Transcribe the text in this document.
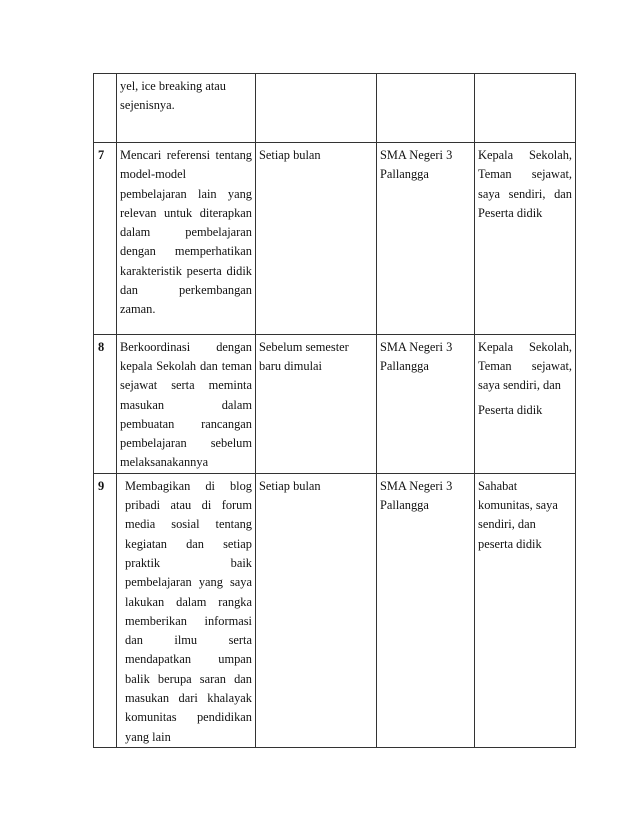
	yel, ice breaking atau sejenisnya.			
7	Mencari referensi tentang model-model pembelajaran lain yang relevan untuk diterapkan dalam pembelajaran dengan memperhatikan karakteristik peserta didik dan perkembangan zaman.	Setiap bulan	SMA Negeri 3 Pallangga	Kepala Sekolah, Teman sejawat, saya sendiri, dan Peserta didik
8	Berkoordinasi dengan kepala Sekolah dan teman sejawat serta meminta masukan dalam pembuatan rancangan pembelajaran sebelum melaksanakannya	Sebelum semester baru dimulai	SMA Negeri 3 Pallangga	Kepala Sekolah, Teman sejawat, saya sendiri, dan
Peserta didik

9	Membagikan di blog pribadi atau di forum media sosial tentang kegiatan dan setiap praktik baik pembelajaran yang saya lakukan dalam rangka memberikan informasi dan ilmu serta mendapatkan umpan balik berupa saran dan masukan dari khalayak komunitas pendidikan yang lain	Setiap bulan	SMA Negeri 3 Pallangga	Sahabat komunitas, saya sendiri, dan peserta didik
